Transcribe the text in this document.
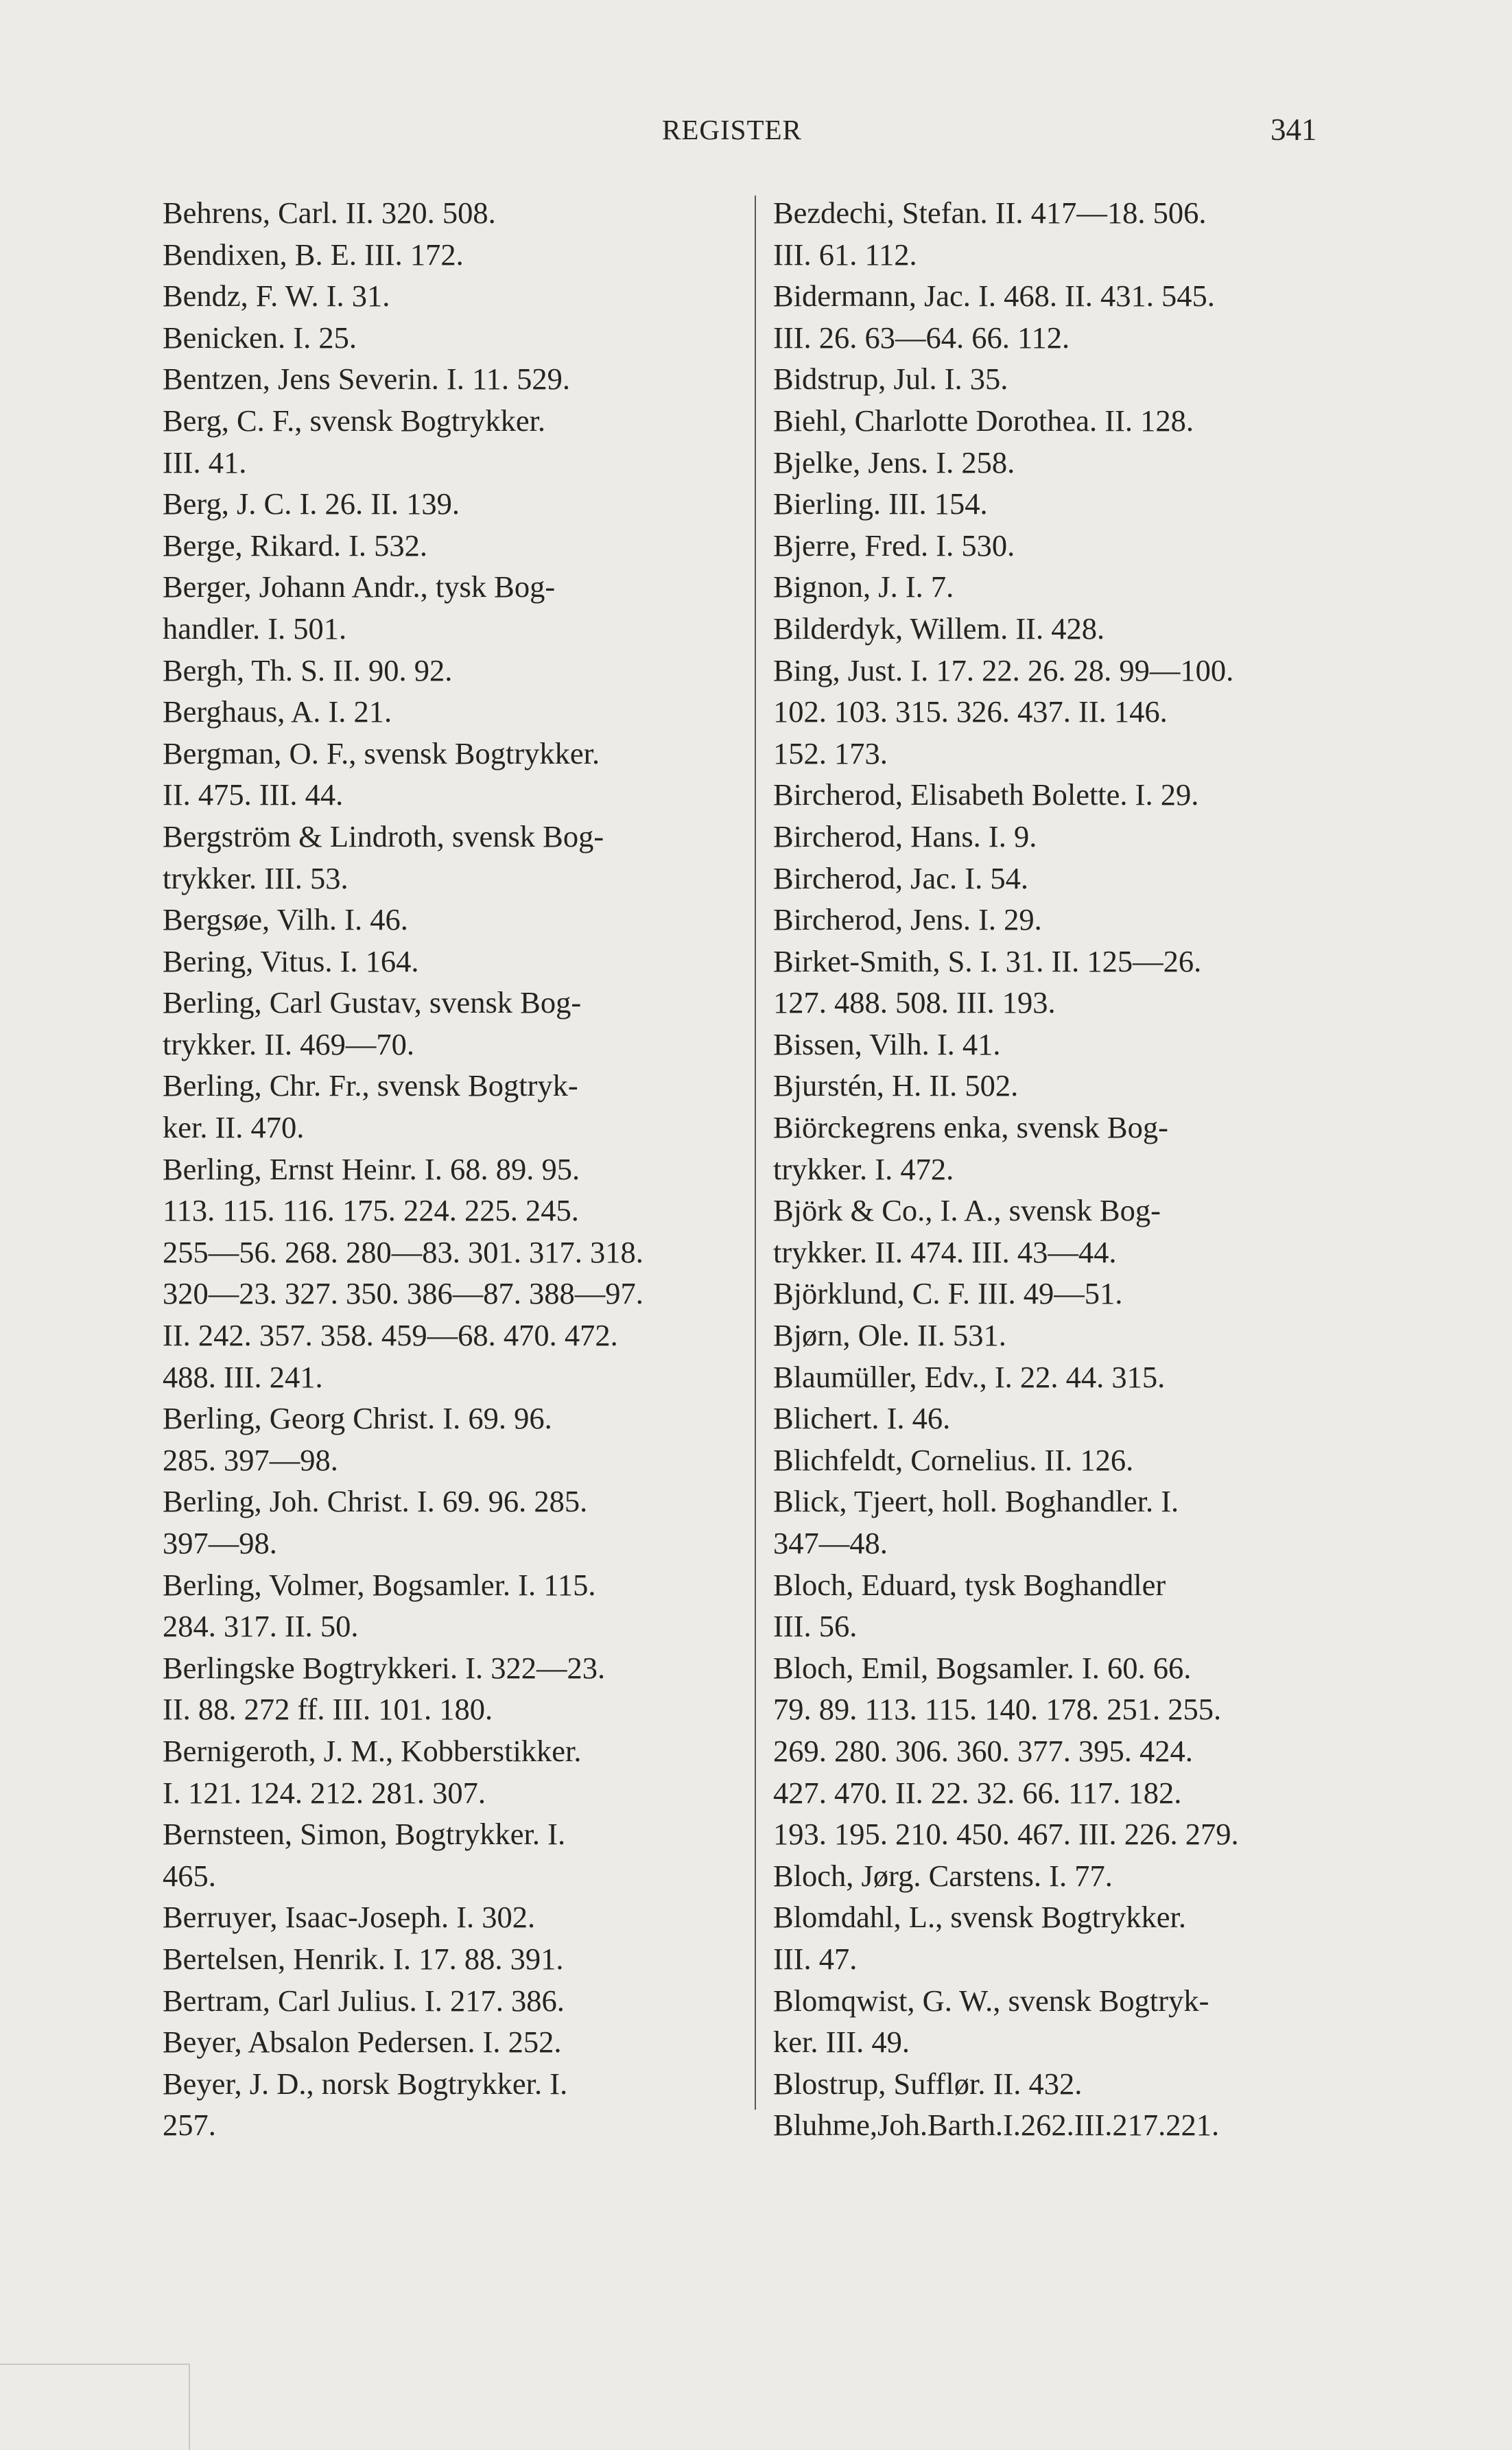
REGISTER	341

Behrens, Carl. II. 320. 508.

Bendixen, B. E. III. 172.

Bendz, F. W. I. 31.

Benicken. I. 25.

Bentzen, Jens Severin. I. 11. 529.

Berg, C. F., svensk Bogtrykker.
III. 41.

Berg, J. C. I. 26. II. 139.

Berge, Rikard. I. 532.

Berger, Johann Andr., tysk Bog-
handler. I. 501.

Bergh, Th. S. II. 90. 92.

Berghaus, A. I. 21.

Bergman, O. F., svensk Bogtrykker.
II. 475. III. 44.

Bergström & Lindroth, svensk Bog-
trykker. III. 53.

Bergsøe, Vilh. I. 46.

Bering, Vitus. I. 164.

Berling, Carl Gustav, svensk Bog-
trykker. II. 469—70.

Berling, Chr. Fr., svensk Bogtryk-
ker. II. 470.

Berling, Ernst Heinr. I. 68. 89. 95.
113. 115. 116. 175. 224. 225. 245.
255—56. 268. 280—83. 301. 317. 318.
320—23. 327. 350. 386—87. 388—97.
II. 242. 357. 358. 459—68. 470. 472.
488. III. 241.

Berling, Georg Christ. I. 69. 96.
285. 397—98.

Berling, Joh. Christ. I. 69. 96. 285.
397—98.

Berling, Volmer, Bogsamler. I. 115.
284. 317. II. 50.

Berlingske Bogtrykkeri. I. 322—23.
II. 88. 272 ff. III. 101. 180.

Bernigeroth, J. M., Kobberstikker.
I. 121. 124. 212. 281. 307.

Bernsteen, Simon, Bogtrykker. I.
465.

Berruyer, Isaac-Joseph. I. 302.

Bertelsen, Henrik. I. 17. 88. 391.

Bertram, Carl Julius. I. 217. 386.

Beyer, Absalon Pedersen. I. 252.

Beyer, J. D., norsk Bogtrykker. I.
257.

Bezdechi, Stefan. II. 417—18. 506.
III. 61. 112.

Bidermann, Jac. I. 468. II. 431. 545.
III. 26. 63—64. 66. 112.

Bidstrup, Jul. I. 35.

Biehl, Charlotte Dorothea. II. 128.

Bjelke, Jens. I. 258.

Bierling. III. 154.

Bjerre, Fred. I. 530.

Bignon, J. I. 7.

Bilderdyk, Willem. II. 428.

Bing, Just. I. 17. 22. 26. 28. 99—100.
102. 103. 315. 326. 437. II. 146.
152. 173.

Bircherod, Elisabeth Bolette. I. 29.

Bircherod, Hans. I. 9.

Bircherod, Jac. I. 54.

Bircherod, Jens. I. 29.

Birket-Smith, S. I. 31. II. 125—26.
127. 488. 508. III. 193.

Bissen, Vilh. I. 41.

Bjurstén, H. II. 502.

Biörckegrens enka, svensk Bog-
trykker. I. 472.

Björk & Co., I. A., svensk Bog-
trykker. II. 474. III. 43—44.

Björklund, C. F. III. 49—51.

Bjørn, Ole. II. 531.

Blaumüller, Edv., I. 22. 44. 315.

Blichert. I. 46.

Blichfeldt, Cornelius. II. 126.

Blick, Tjeert, holl. Boghandler. I.
347—48.

Bloch, Eduard, tysk Boghandler
III. 56.

Bloch, Emil, Bogsamler. I. 60. 66.
79. 89. 113. 115. 140. 178. 251. 255.
269. 280. 306. 360. 377. 395. 424.
427. 470. II. 22. 32. 66. 117. 182.
193. 195. 210. 450. 467. III. 226. 279.

Bloch, Jørg. Carstens. I. 77.

Blomdahl, L., svensk Bogtrykker.
III. 47.

Blomqwist, G. W., svensk Bogtryk-
ker. III. 49.

Blostrup, Sufflør. II. 432.

Bluhme,Joh.Barth.I.262.III.217.221.
